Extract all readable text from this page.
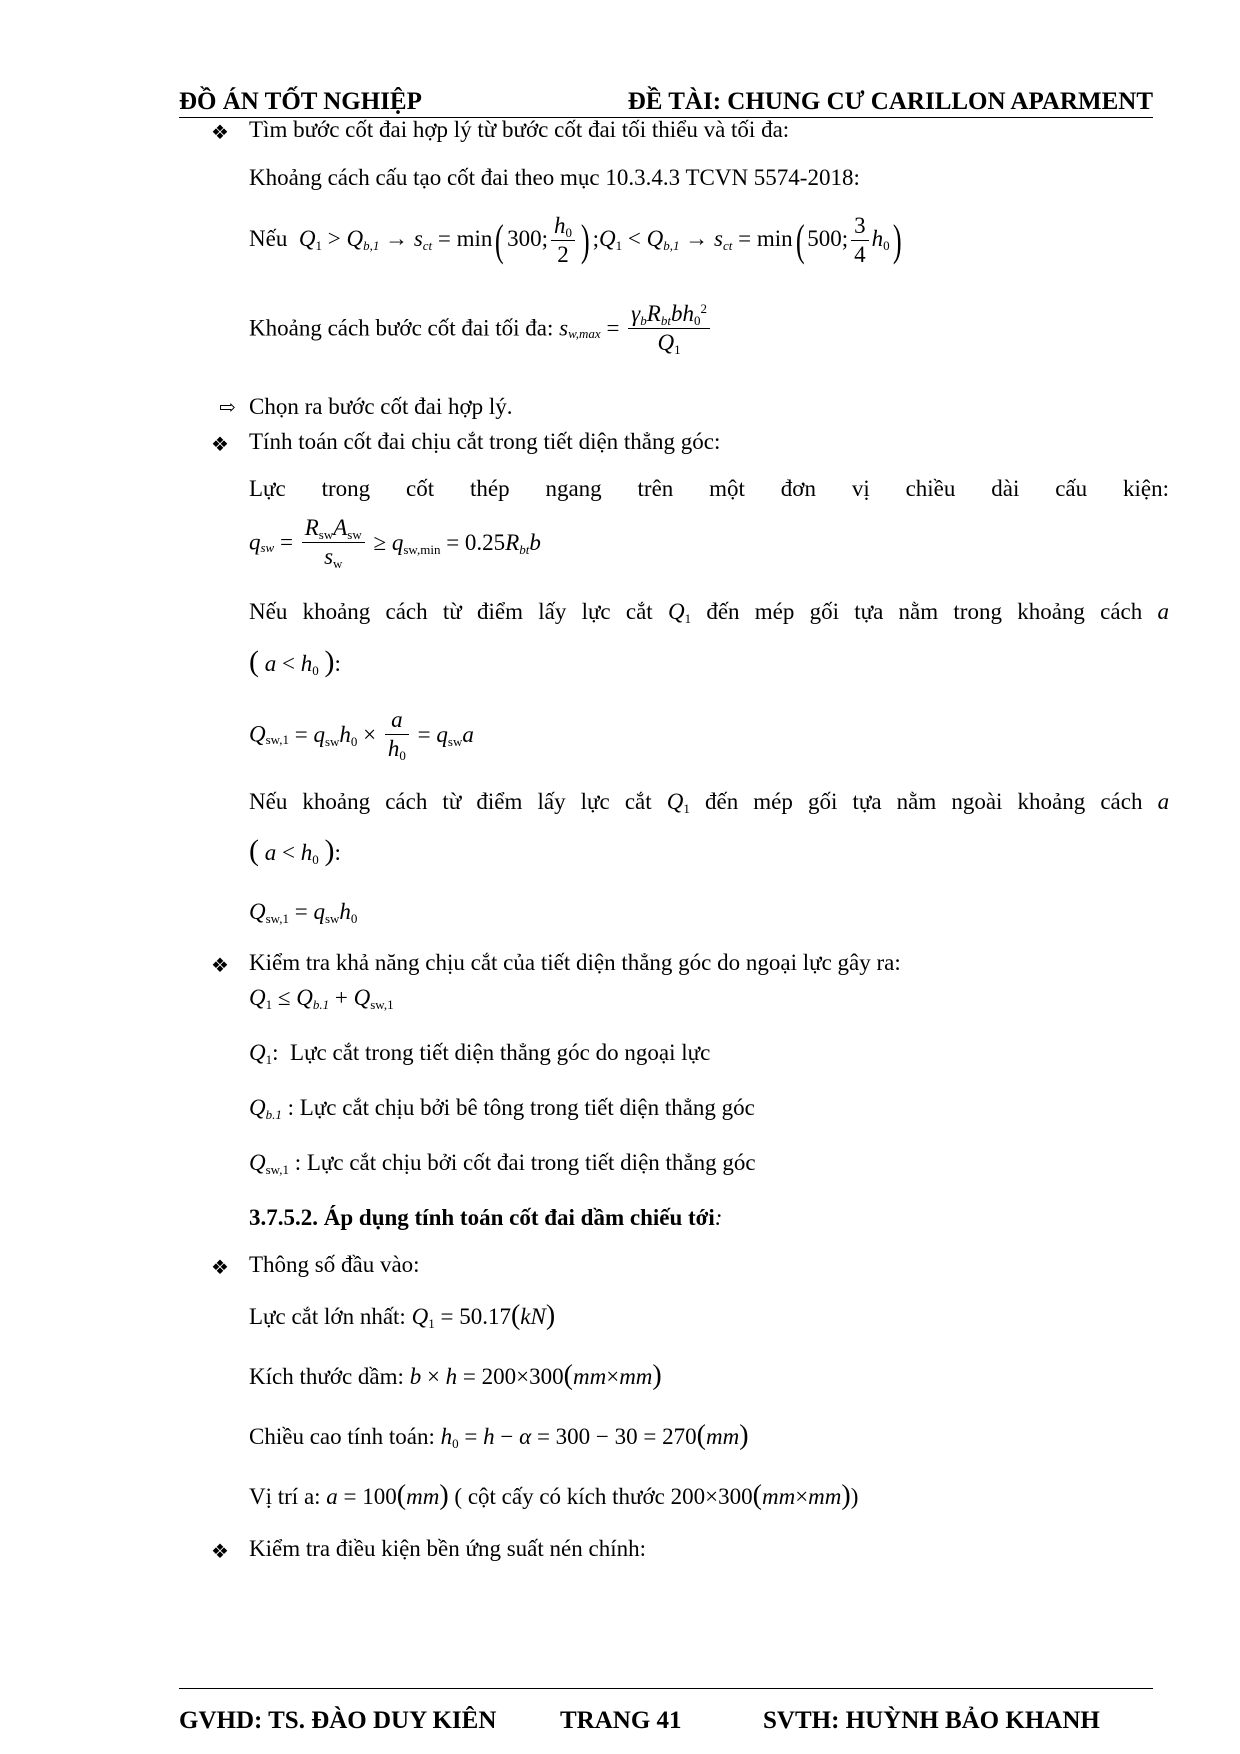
ĐỒ ÁN TỐT NGHIỆP	ĐỀ TÀI: CHUNG CƯ CARILLON APARMENT
❖ Tìm bước cốt đai hợp lý từ bước cốt đai tối thiểu và tối đa:
Khoảng cách cấu tạo cốt đai theo mục 10.3.4.3 TCVN 5574-2018:
Nếu  $Q_1 > Q_{b,1} \to s_{ct} = \min$( 300; $\frac{h_0}{2}$ ) $;Q_1 < Q_{b,1} \to s_{ct} = \min$( 500; $\frac{3}{4} h_0$)
Khoảng cách bước cốt đai tối đa: $s_{w,max} = \frac{\gamma_bR_{bt}bh_0^2}{Q_1}$
⇨ Chọn ra bước cốt đai hợp lý.
❖ Tính toán cốt đai chịu cắt trong tiết diện thẳng góc:
Lực trong cốt thép ngang trên một đơn vị chiều dài cấu kiện:
$q_{sw} = \frac{R_{sw}A_{sw}}{s_w} \ge q_{sw,min} = 0.25R_{bt}b$
Nếu khoảng cách từ điểm lấy lực cắt $Q_1$ đến mép gối tựa nằm trong khoảng cách a
( $a < h_0$ ):
$Q_{sw,1} = q_{sw}h_0 \times \frac{a}{h_0} = q_{sw}a$
Nếu khoảng cách từ điểm lấy lực cắt $Q_1$ đến mép gối tựa nằm ngoài khoảng cách a
( $a < h_0$ ):
$Q_{sw,1} = q_{sw}h_0$
❖ Kiểm tra khả năng chịu cắt của tiết diện thẳng góc do ngoại lực gây ra:
$Q_1 \le Q_{b.1} + Q_{sw,1}$
$Q_1$:  Lực cắt trong tiết diện thẳng góc do ngoại lực
$Q_{b.1}$ : Lực cắt chịu bởi bê tông trong tiết diện thẳng góc
$Q_{sw,1}$ : Lực cắt chịu bởi cốt đai trong tiết diện thẳng góc
3.7.5.2. Áp dụng tính toán cốt đai dầm chiếu tới:
❖ Thông số đầu vào:
Lực cắt lớn nhất: $Q_1 = 50.17(kN)$
Kích thước dầm: b × h = 200×300(mm×mm)
Chiều cao tính toán: $h_0 = h - \alpha = 300 - 30 = 270(mm)$
Vị trí a: a = 100(mm) ( cột cấy có kích thước 200×300(mm×mm))
❖ Kiểm tra điều kiện bền ứng suất nén chính:
GVHD: TS. ĐÀO DUY KIÊN	TRANG 41	SVTH: HUỲNH BẢO KHANH
